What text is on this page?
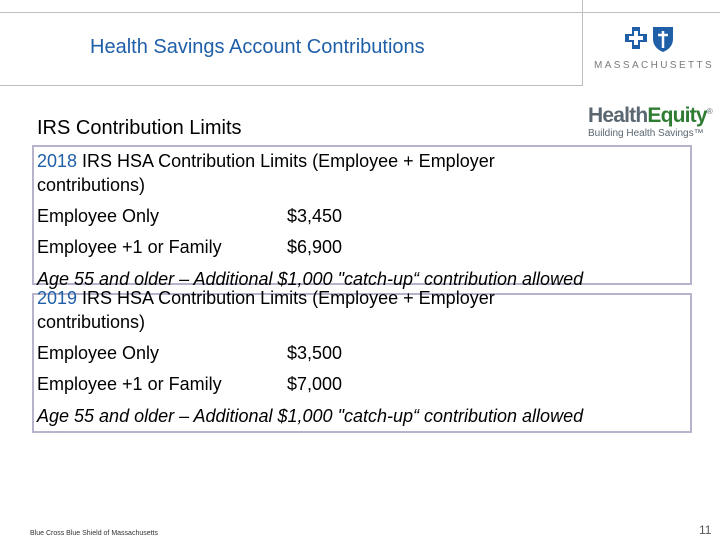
Health Savings Account Contributions
MASSACHUSETTS
HealthEquity®
Building Health Savings™
IRS Contribution Limits
2018 IRS HSA Contribution Limits (Employee + Employer
contributions)
Employee Only	$3,450
Employee +1 or Family	$6,900
Age 55 and older – Additional $1,000 "catch-up“ contribution allowed
2019 IRS HSA Contribution Limits (Employee + Employer
contributions)
Employee Only	$3,500
Employee +1 or Family	$7,000
Age 55 and older – Additional $1,000 "catch-up“ contribution allowed
Blue Cross Blue Shield of Massachusetts	11
